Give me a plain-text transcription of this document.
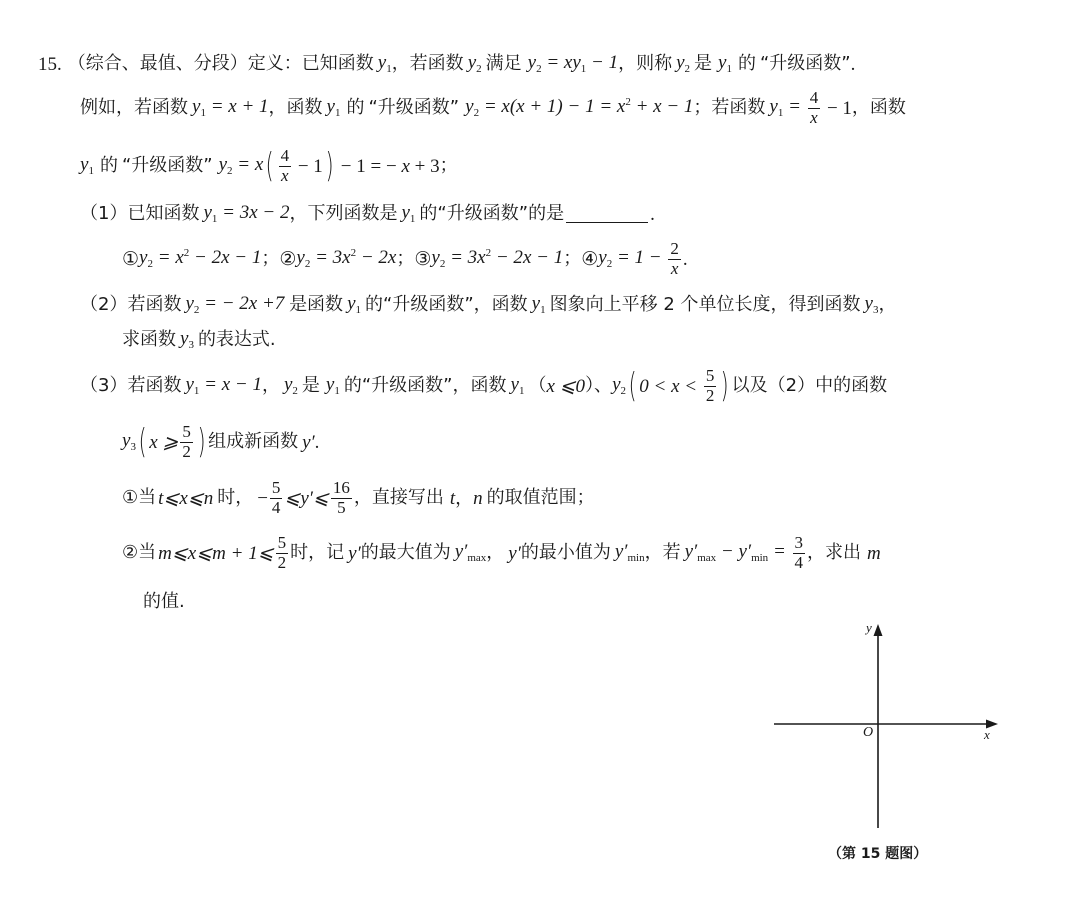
15. （综合、最值、分段） 定义：已知函数 $y_1$ ，若函数 $y_2$ 满足 $y_2 = xy_1 - 1$ ，则称 $y_2$ 是 $y_1$ 的 “升级函数” .
例如，若函数 $y_1 = x + 1$ ，函数 $y_1$ 的 “升级函数” $y_2 = x(x + 1) - 1 = x^2 + x - 1$ ；若函数 $y_1 = \frac{4}{x} - 1$ ，函数
$y_1$ 的 “升级函数” $y_2 = x$ ( $\frac{4}{x} - 1$ ) − 1 = − x + 3 ；
（1）已知函数 $y_1 = 3x - 2$ ，下列函数是 $y_1$ 的“升级函数”的是	.
① $y_2 = x^2 - 2x - 1$ ； ② $y_2 = 3x^2 - 2x$ ； ③ $y_2 = 3x^2 - 2x - 1$ ； ④ $y_2 = 1 - \frac{2}{x}$ .
（2）若函数 $y_2$ = − 2x +7 是函数 $y_1$ 的“升级函数”，函数 $y_1$ 图象向上平移 2 个单位长度，得到函数 $y_3$ ，
求函数 $y_3$ 的表达式.
（3）若函数 $y_1 = x - 1$ ， $y_2$ 是 $y_1$ 的“升级函数”，函数 $y_1$ （ x ⩽0 ）、 $y_2$ ( $0 < x < \frac{5}{2}$ ) 以及（2）中的函数
$y_3$ ( x ⩾ $\frac{5}{2}$ ) 组成新函数 y′ .
①当 t⩽x⩽n 时， − $\frac{5}{4}$ ⩽y′⩽ $\frac{16}{5}$ ，直接写出 t，n 的取值范围；
②当 m⩽x⩽m + 1⩽ $\frac{5}{2}$ 时，记 y′ 的最大值为 $y'_{max}$ ， y′ 的最小值为 $y'_{min}$ ，若 $y'_{max} - y'_{min} = \frac{3}{4}$ ，求出 m
的值.
y
x
O
（第 15 题图）
